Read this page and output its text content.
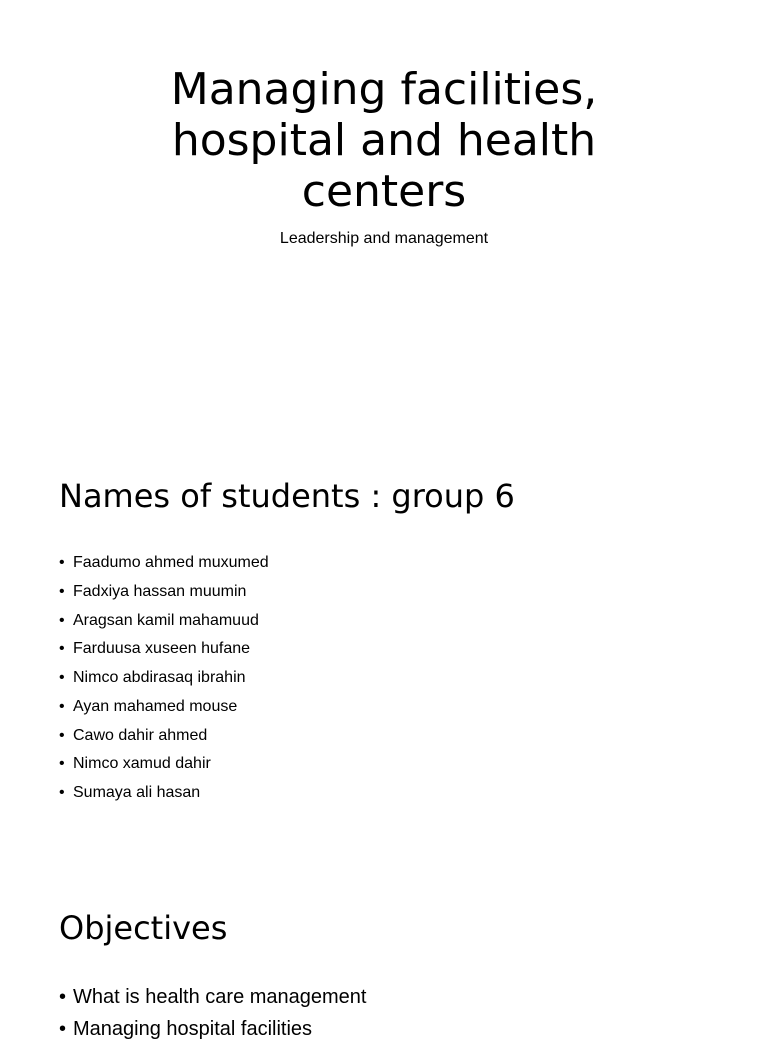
Managing facilities, hospital and health centers

Leadership and management

Names of students : group 6
• Faadumo ahmed muxumed
• Fadxiya hassan muumin
• Aragsan kamil mahamuud
• Farduusa xuseen hufane
• Nimco abdirasaq ibrahin
• Ayan mahamed mouse
• Cawo dahir ahmed
• Nimco xamud dahir
• Sumaya ali hasan
Objectives
• What is health care management
• Managing hospital facilities
